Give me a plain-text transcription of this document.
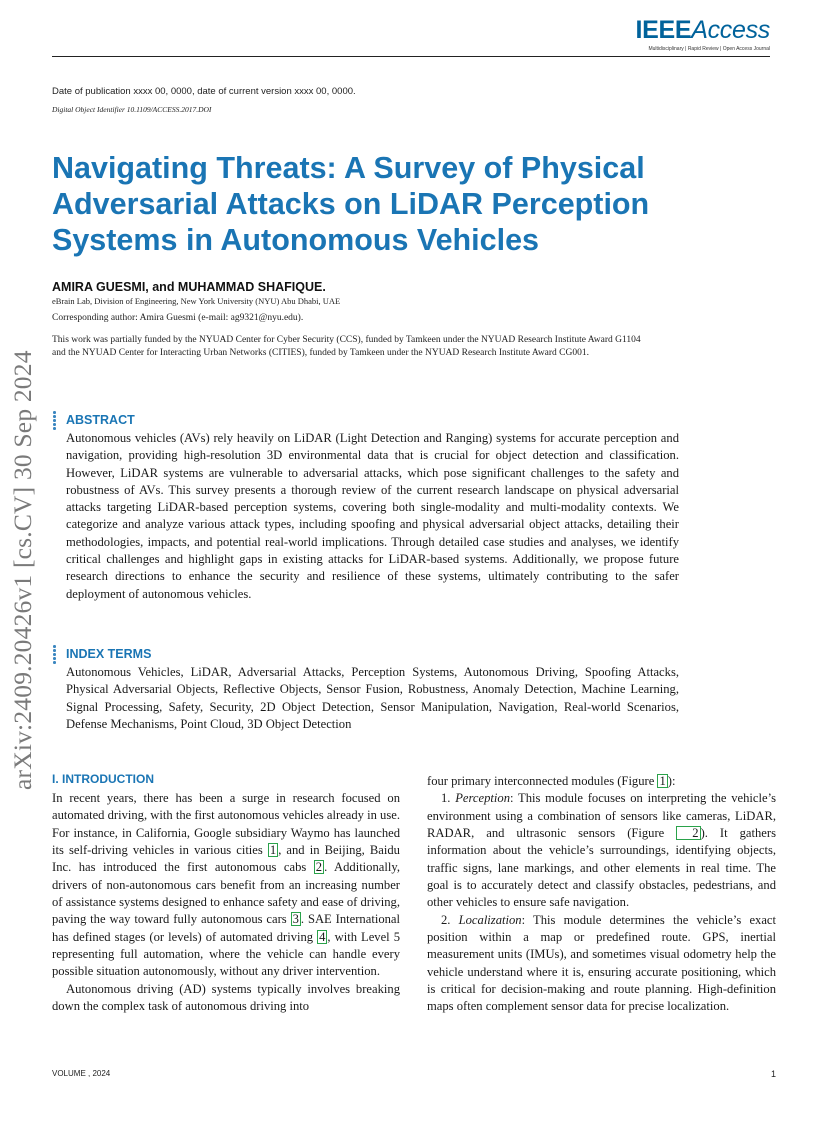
IEEEAccess
Multidisciplinary | Rapid Review | Open Access Journal
Date of publication xxxx 00, 0000, date of current version xxxx 00, 0000.
Digital Object Identifier 10.1109/ACCESS.2017.DOI
Navigating Threats: A Survey of Physical Adversarial Attacks on LiDAR Perception Systems in Autonomous Vehicles
AMIRA GUESMI, and MUHAMMAD SHAFIQUE.
eBrain Lab, Division of Engineering, New York University (NYU) Abu Dhabi, UAE
Corresponding author: Amira Guesmi (e-mail: ag9321@nyu.edu).
This work was partially funded by the NYUAD Center for Cyber Security (CCS), funded by Tamkeen under the NYUAD Research Institute Award G1104 and the NYUAD Center for Interacting Urban Networks (CITIES), funded by Tamkeen under the NYUAD Research Institute Award CG001.
arXiv:2409.20426v1 [cs.CV] 30 Sep 2024 ABSTRACT
Autonomous vehicles (AVs) rely heavily on LiDAR (Light Detection and Ranging) systems for accurate perception and navigation, providing high-resolution 3D environmental data that is crucial for object detection and classification. However, LiDAR systems are vulnerable to adversarial attacks, which pose significant challenges to the safety and robustness of AVs. This survey presents a thorough review of the current research landscape on physical adversarial attacks targeting LiDAR-based perception systems, covering both single-modality and multi-modality contexts. We categorize and analyze various attack types, including spoofing and physical adversarial object attacks, detailing their methodologies, impacts, and potential real-world implications. Through detailed case studies and analyses, we identify critical challenges and highlight gaps in existing attacks for LiDAR-based systems. Additionally, we propose future research directions to enhance the security and resilience of these systems, ultimately contributing to the safer deployment of autonomous vehicles.
INDEX TERMS
Autonomous Vehicles, LiDAR, Adversarial Attacks, Perception Systems, Autonomous Driving, Spoofing Attacks, Physical Adversarial Objects, Reflective Objects, Sensor Fusion, Robustness, Anomaly Detection, Machine Learning, Signal Processing, Safety, Security, 2D Object Detection, Sensor Manipulation, Navigation, Real-world Scenarios, Defense Mechanisms, Point Cloud, 3D Object Detection
I. INTRODUCTION

In recent years, there has been a surge in research focused on automated driving, with the first autonomous vehicles already in use. For instance, in California, Google subsidiary Waymo has launched its self-driving vehicles in various cities 1 , and in Beijing, Baidu Inc. has introduced the first autonomous cabs 2 . Additionally, drivers of non-autonomous cars benefit from an increasing number of assistance systems designed to enhance safety and ease of driving, paving the way toward fully autonomous cars 3 . SAE International has defined stages (or levels) of automated driving 4 , with Level 5 representing full automation, where the vehicle can handle every possible situation autonomously, without any driver intervention.

Autonomous driving (AD) systems typically involves breaking down the complex task of autonomous driving into

four primary interconnected modules (Figure 1 ):

1. Perception: This module focuses on interpreting the vehicle’s environment using a combination of sensors like cameras, LiDAR, RADAR, and ultrasonic sensors (Figure 2 ). It gathers information about the vehicle’s surroundings, identifying objects, traffic signs, lane markings, and other elements in real time. The goal is to accurately detect and classify obstacles, pedestrians, and other vehicles to ensure safe navigation.

2. Localization: This module determines the vehicle’s exact position within a map or predefined route. GPS, inertial measurement units (IMUs), and sometimes visual odometry help the vehicle understand where it is, ensuring accurate positioning, which is critical for decision-making and route planning. High-definition maps often complement sensor data for precise localization.

VOLUME , 2024	1
